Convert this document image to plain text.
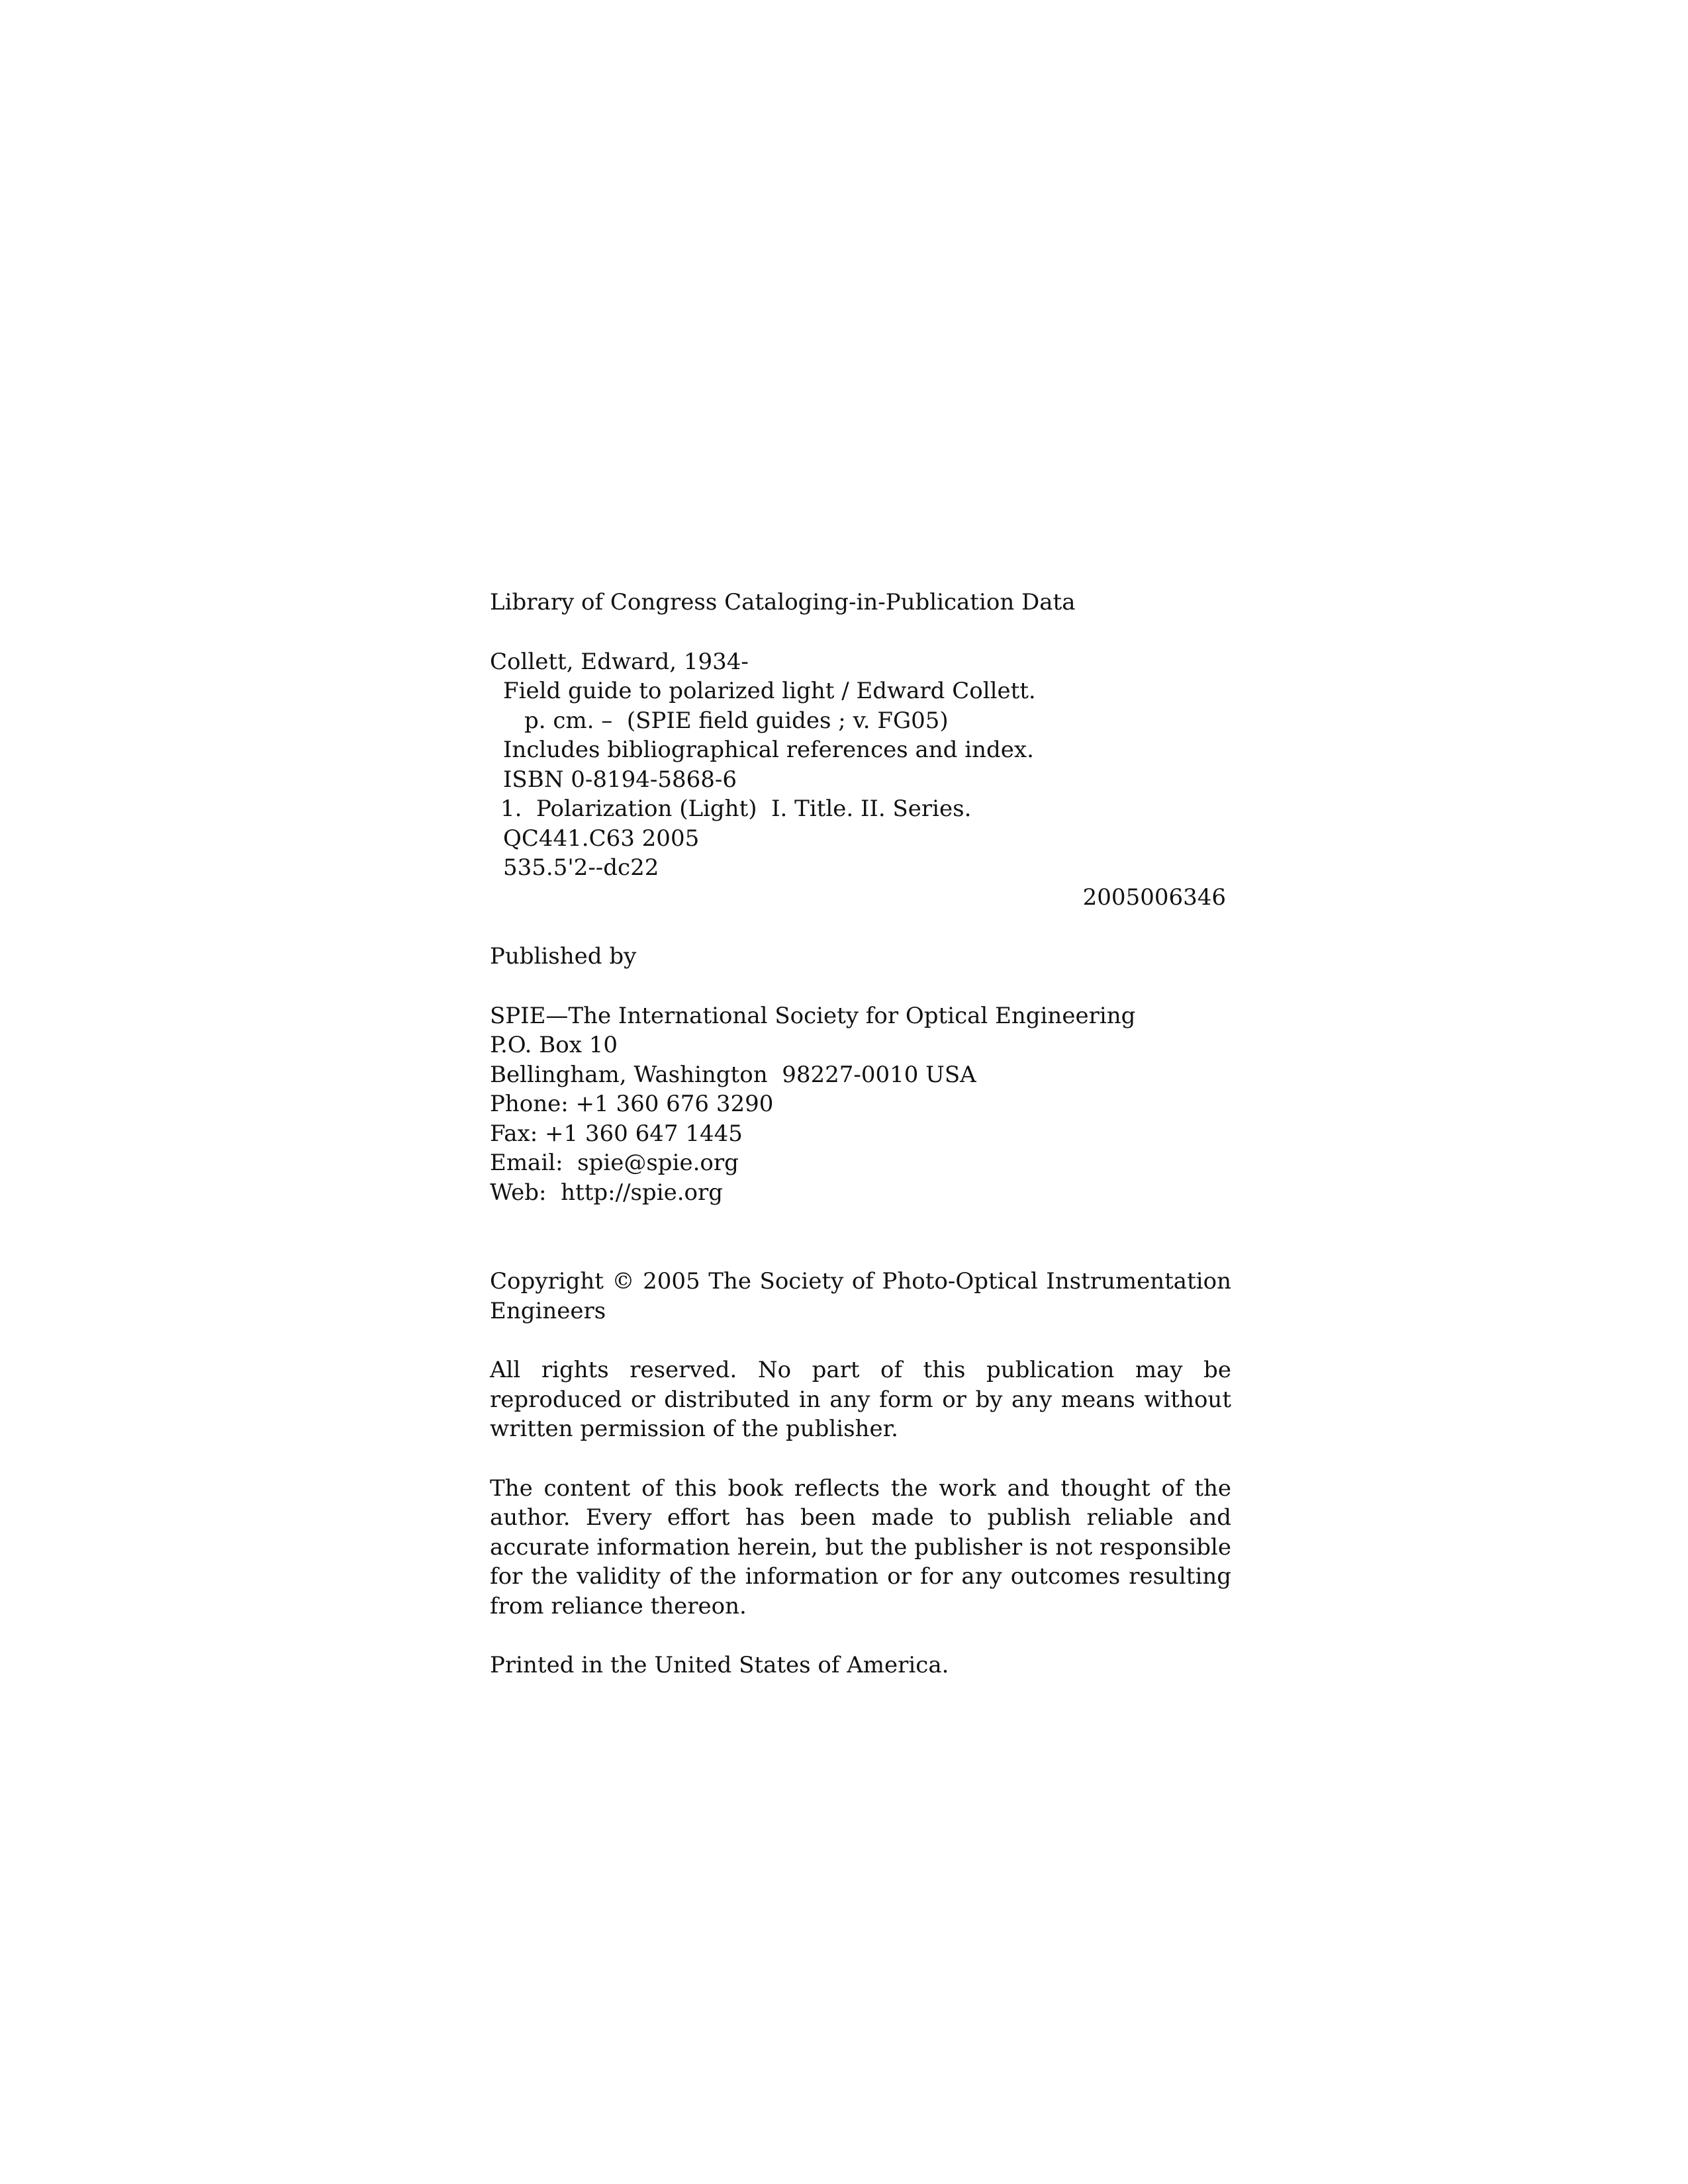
Library of Congress Cataloging-in-Publication Data
Collett, Edward, 1934-
Field guide to polarized light / Edward Collett.
p. cm. –  (SPIE field guides ; v. FG05)
Includes bibliographical references and index.
ISBN 0-8194-5868-6
1.  Polarization (Light)  I. Title. II. Series.
QC441.C63 2005
535.5'2--dc22
2005006346
Published by
SPIE—The International Society for Optical Engineering
P.O. Box 10
Bellingham, Washington  98227-0010 USA
Phone: +1 360 676 3290
Fax: +1 360 647 1445
Email:  spie@spie.org
Web:  http://spie.org

Copyright © 2005 The Society of Photo-Optical Instrumentation Engineers

All rights reserved. No part of this publication may be reproduced or distributed in any form or by any means without written permission of the publisher.

The content of this book reflects the work and thought of the author. Every effort has been made to publish reliable and accurate information herein, but the publisher is not responsible for the validity of the information or for any outcomes resulting from reliance thereon.

Printed in the United States of America.
